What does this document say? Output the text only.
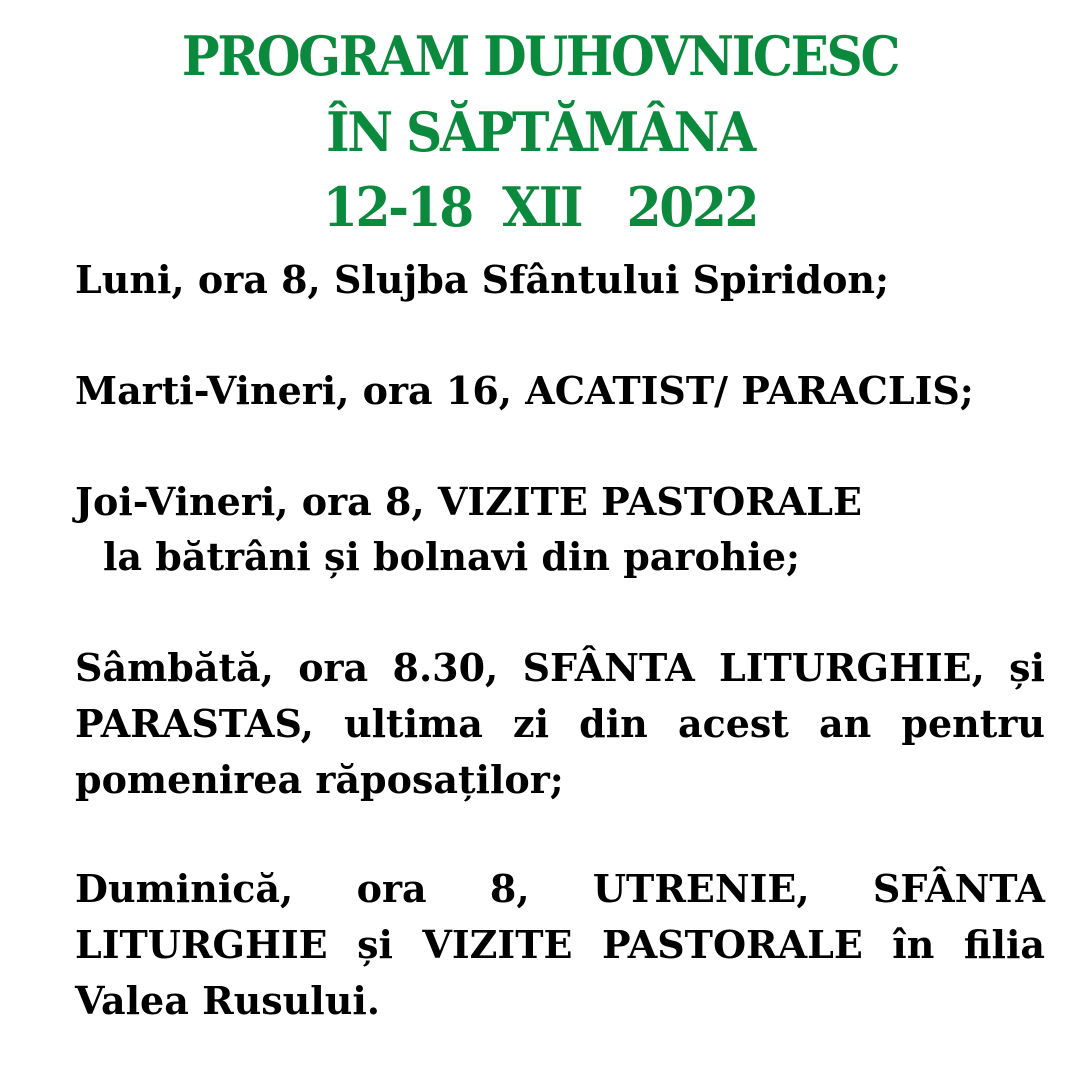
PROGRAM DUHOVNICESC
ÎN SĂPTĂMÂNA
12-18  XII   2022
Luni, ora 8, Slujba Sfântului Spiridon;
Marti-Vineri, ora 16, ACATIST/ PARACLIS;
Joi-Vineri, ora 8, VIZITE PASTORALE
la bătrâni și bolnavi din parohie;
Sâmbătă, ora 8.30, SFÂNTA LITURGHIE, și PARASTAS, ultima zi din acest an pentru pomenirea răposaților;
Duminică, ora 8, UTRENIE, SFÂNTA LITURGHIE și VIZITE PASTORALE în filia Valea Rusului.
